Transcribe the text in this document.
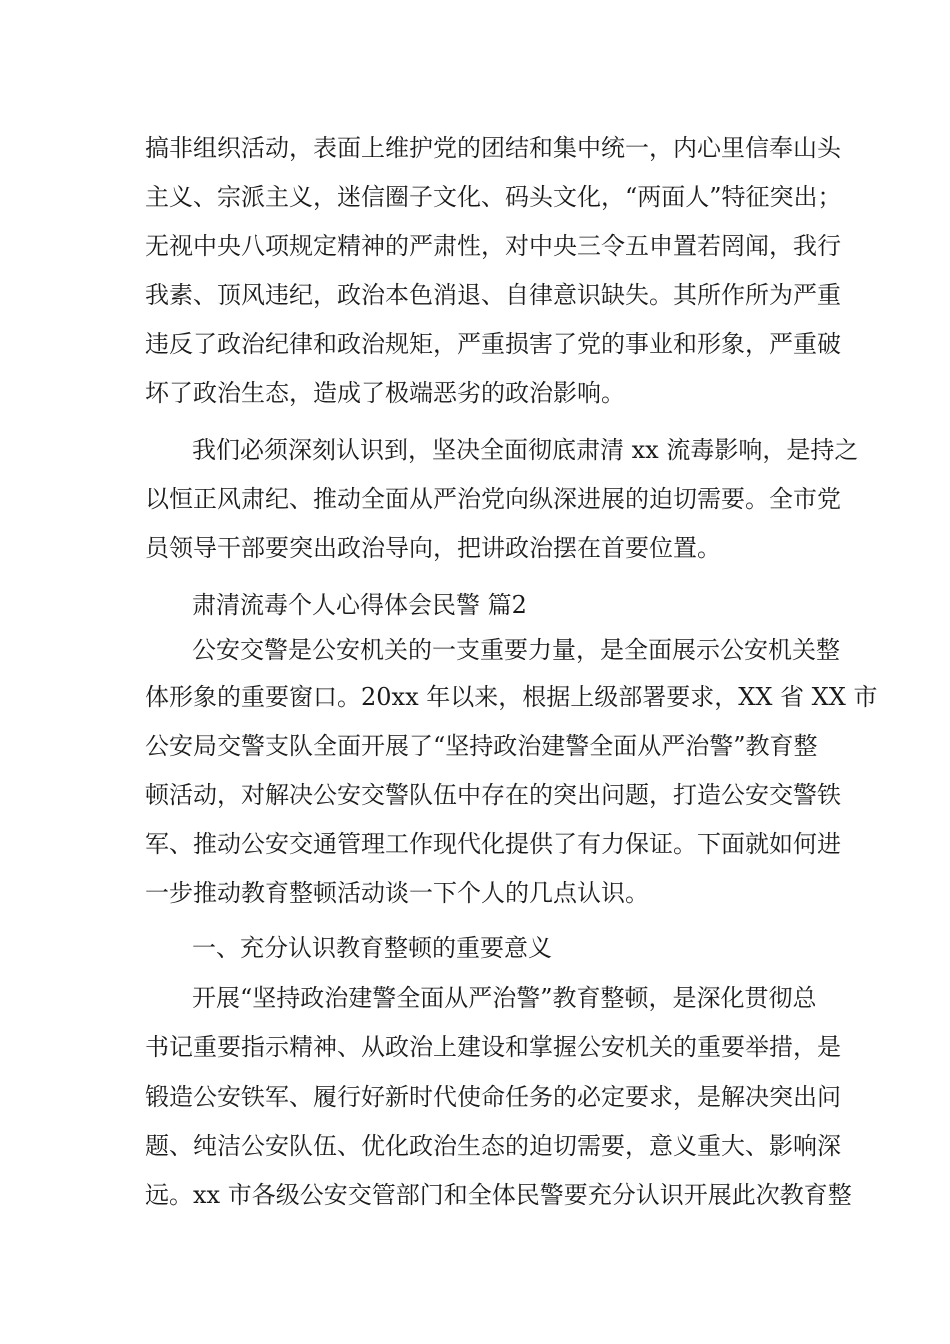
搞非组织活动，表面上维护党的团结和集中统一，内心里信奉山头
主义、宗派主义，迷信圈子文化、码头文化，“两面人”特征突出；
无视中央八项规定精神的严肃性，对中央三令五申置若罔闻，我行
我素、顶风违纪，政治本色消退、自律意识缺失。其所作所为严重
违反了政治纪律和政治规矩，严重损害了党的事业和形象，严重破
坏了政治生态，造成了极端恶劣的政治影响。
我们必须深刻认识到，坚决全面彻底肃清 xx 流毒影响，是持之
以恒正风肃纪、推动全面从严治党向纵深进展的迫切需要。全市党
员领导干部要突出政治导向，把讲政治摆在首要位置。
肃清流毒个人心得体会民警 篇2
公安交警是公安机关的一支重要力量，是全面展示公安机关整
体形象的重要窗口。20xx 年以来，根据上级部署要求，XX 省 XX 市
公安局交警支队全面开展了“坚持政治建警全面从严治警”教育整
顿活动，对解决公安交警队伍中存在的突出问题，打造公安交警铁
军、推动公安交通管理工作现代化提供了有力保证。下面就如何进
一步推动教育整顿活动谈一下个人的几点认识。
一、充分认识教育整顿的重要意义
开展“坚持政治建警全面从严治警”教育整顿，是深化贯彻总
书记重要指示精神、从政治上建设和掌握公安机关的重要举措，是
锻造公安铁军、履行好新时代使命任务的必定要求，是解决突出问
题、纯洁公安队伍、优化政治生态的迫切需要，意义重大、影响深
远。xx 市各级公安交管部门和全体民警要充分认识开展此次教育整
